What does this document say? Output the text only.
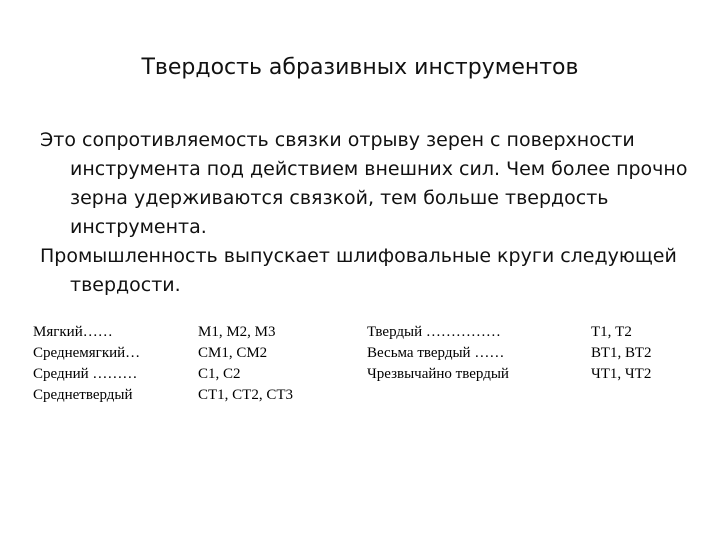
Твердость абразивных инструментов

Это сопротивляемость связки отрыву зерен с поверхности инструмента под действием внешних сил. Чем более прочно зерна удерживаются связкой, тем больше твердость инструмента.

Промышленность выпускает шлифовальные круги следующей твердости.

Мягкий……
Среднемягкий…
Средний ………
Среднетвердый
М1, М2, М3
СМ1, СМ2
С1, С2
СТ1, СТ2, СТ3
Твердый ……………
Весьма твердый ……
Чрезвычайно твердый
Т1, Т2
ВТ1, ВТ2
ЧТ1, ЧТ2
